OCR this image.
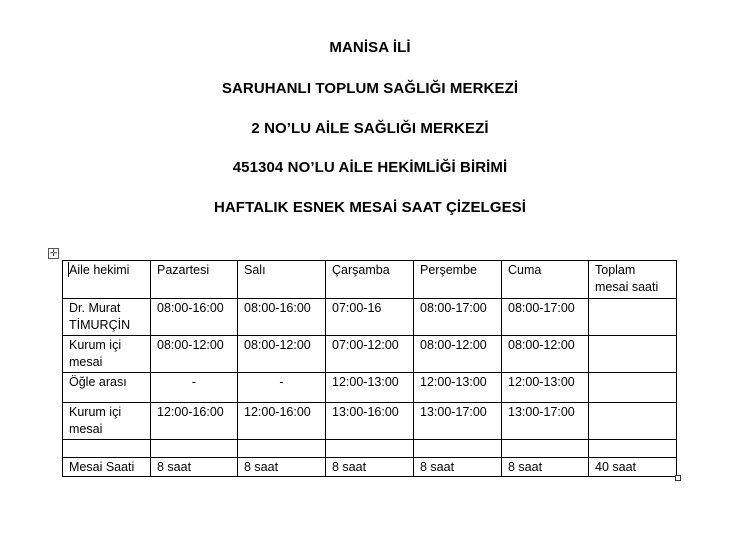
MANİSA İLİ
SARUHANLI TOPLUM SAĞLIĞI MERKEZİ
2 NO’LU AİLE SAĞLIĞI MERKEZİ
451304 NO’LU AİLE HEKİMLİĞİ BİRİMİ
HAFTALIK ESNEK MESAİ SAAT ÇİZELGESİ
✛
Aile hekimi	Pazartesi	Salı	Çarşamba	Perşembe	Cuma	Toplam mesai saati
Dr. Murat TİMURÇİN	08:00-16:00	08:00-16:00	07:00-16	08:00-17:00	08:00-17:00	
Kurum içi mesai	08:00-12:00	08:00-12:00	07:00-12:00	08:00-12:00	08:00-12:00	
Öğle arası	-	-	12:00-13:00	12:00-13:00	12:00-13:00	
Kurum içi mesai	12:00-16:00	12:00-16:00	13:00-16:00	13:00-17:00	13:00-17:00	

Mesai Saati	8 saat	8 saat	8 saat	8 saat	8 saat	40 saat
